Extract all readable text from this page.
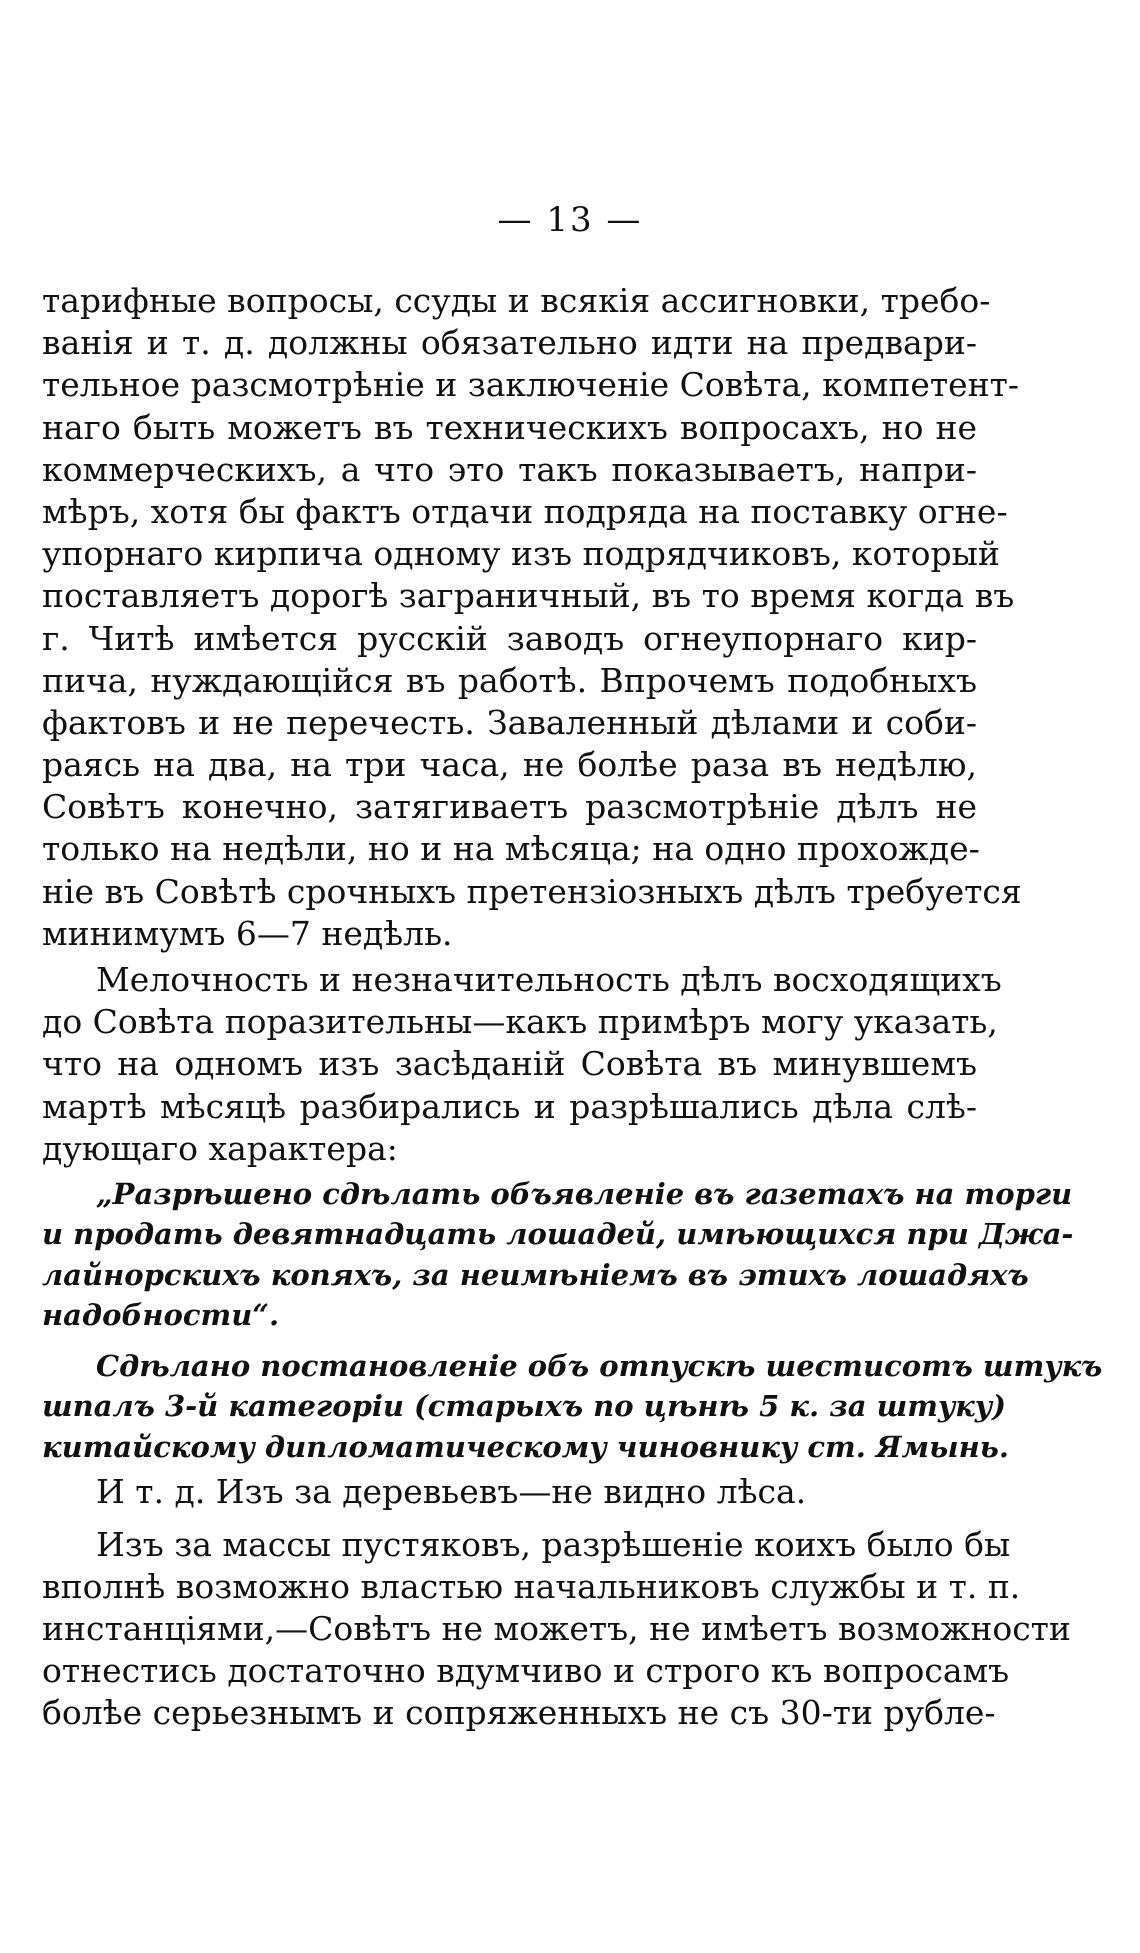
— 13 —
тарифные вопросы, ссуды и всякія ассигновки, требо-
ванія и т. д. должны обязательно идти на предвари-
тельное разсмотрѣніе и заключеніе Совѣта, компетент-
наго быть можетъ въ техническихъ вопросахъ, но не
коммерческихъ, а что это такъ показываетъ, напри-
мѣръ, хотя бы фактъ отдачи подряда на поставку огне-
упорнаго кирпича одному изъ подрядчиковъ, который
поставляетъ дорогѣ заграничный, въ то время когда въ
г. Читѣ имѣется русскій заводъ огнеупорнаго кир-
пича, нуждающійся въ работѣ. Впрочемъ подобныхъ
фактовъ и не перечесть. Заваленный дѣлами и соби-
раясь на два, на три часа, не болѣе раза въ недѣлю,
Совѣтъ конечно, затягиваетъ разсмотрѣніе дѣлъ не
только на недѣли, но и на мѣсяца; на одно прохожде-
ніе въ Совѣтѣ срочныхъ претензіозныхъ дѣлъ требуется
минимумъ 6—7 недѣль.
Мелочность и незначительность дѣлъ восходящихъ
до Совѣта поразительны—какъ примѣръ могу указать,
что на одномъ изъ засѣданій Совѣта въ минувшемъ
мартѣ мѣсяцѣ разбирались и разрѣшались дѣла слѣ-
дующаго характера:
„Разрѣшено сдѣлать объявленіе въ газетахъ на торги
и продать девятнадцать лошадей, имѣющихся при Джа-
лайнорскихъ копяхъ, за неимѣніемъ въ этихъ лошадяхъ
надобности“.
Сдѣлано постановленіе объ отпускѣ шестисотъ штукъ
шпалъ 3-й категоріи (старыхъ по цѣнѣ 5 к. за штуку)
китайскому дипломатическому чиновнику ст. Ямынь.
И т. д. Изъ за деревьевъ—не видно лѣса.
Изъ за массы пустяковъ, разрѣшеніе коихъ было бы
вполнѣ возможно властью начальниковъ службы и т. п.
инстанціями,—Совѣтъ не можетъ, не имѣетъ возможности
отнестись достаточно вдумчиво и строго къ вопросамъ
болѣе серьезнымъ и сопряженныхъ не съ 30-ти рубле-
